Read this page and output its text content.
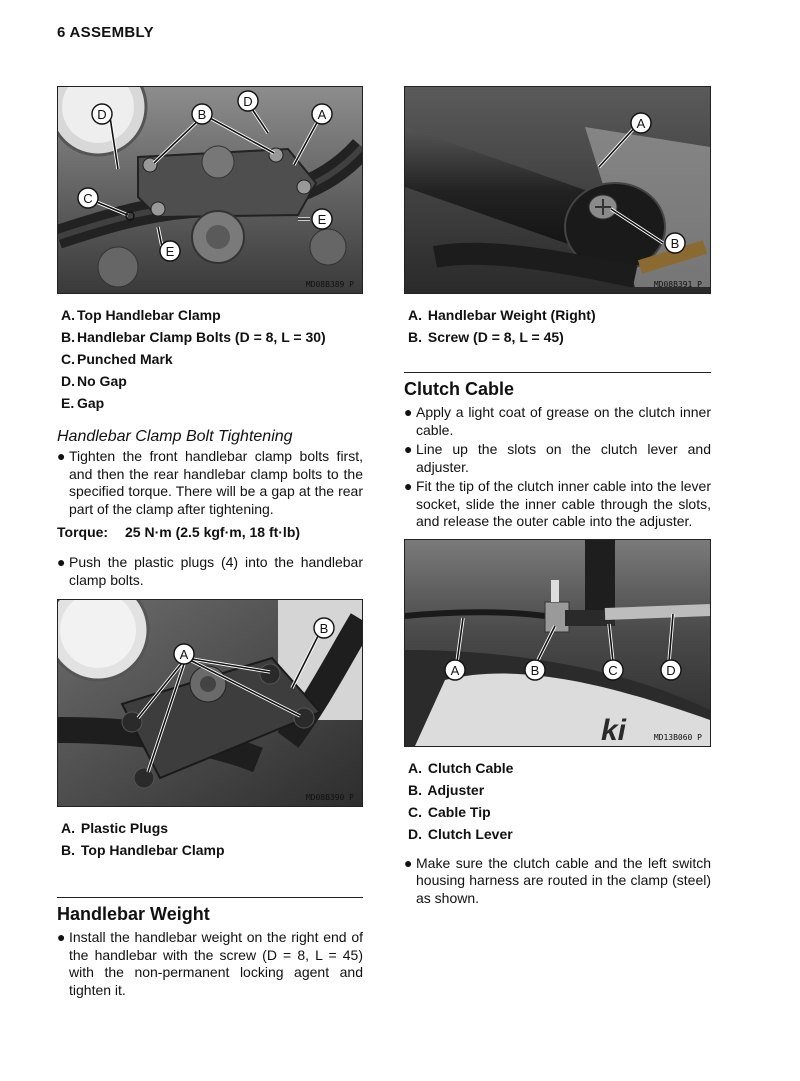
6 ASSEMBLY
D	B
D
A
C
E
E
MD08B389 P
A. Top Handlebar Clamp
B. Handlebar Clamp Bolts (D = 8, L = 30)
C. Punched Mark
D. No Gap
E. Gap
Handlebar Clamp Bolt Tightening
● Tighten the front handlebar clamp bolts first, and then the rear handlebar clamp bolts to the specified torque. There will be a gap at the rear part of the clamp after tightening.
Torque: 25 N·m (2.5 kgf·m, 18 ft·lb)
● Push the plastic plugs (4) into the handlebar clamp bolts.
B
A
MD08B390 P
A. Plastic Plugs
B. Top Handlebar Clamp
Handlebar Weight
● Install the handlebar weight on the right end of the handlebar with the screw (D = 8, L = 45) with the non-permanent locking agent and tighten it.
A
B
MD08B391 P
A. Handlebar Weight (Right)
B. Screw (D = 8, L = 45)
Clutch Cable
● Apply a light coat of grease on the clutch inner cable.
● Line up the slots on the clutch lever and adjuster.
● Fit the tip of the clutch inner cable into the lever socket, slide the inner cable through the slots, and release the outer cable into the adjuster.
ki
A	B	C	D
MD13B060 P
A. Clutch Cable
B. Adjuster
C. Cable Tip
D. Clutch Lever
● Make sure the clutch cable and the left switch housing harness are routed in the clamp (steel) as shown.
